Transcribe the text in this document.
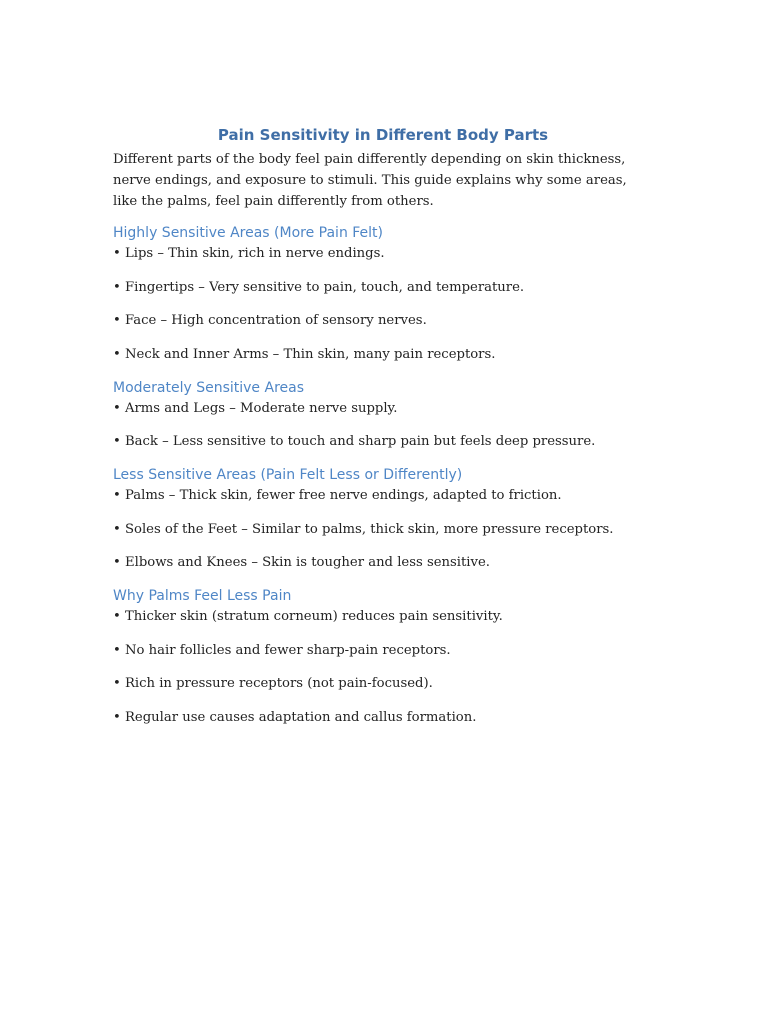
Pain Sensitivity in Different Body Parts

Different parts of the body feel pain differently depending on skin thickness, nerve endings, and exposure to stimuli. This guide explains why some areas, like the palms, feel pain differently from others.

Highly Sensitive Areas (More Pain Felt)
• Lips – Thin skin, rich in nerve endings.
• Fingertips – Very sensitive to pain, touch, and temperature.
• Face – High concentration of sensory nerves.
• Neck and Inner Arms – Thin skin, many pain receptors.
Moderately Sensitive Areas
• Arms and Legs – Moderate nerve supply.
• Back – Less sensitive to touch and sharp pain but feels deep pressure.
Less Sensitive Areas (Pain Felt Less or Differently)
• Palms – Thick skin, fewer free nerve endings, adapted to friction.
• Soles of the Feet – Similar to palms, thick skin, more pressure receptors.
• Elbows and Knees – Skin is tougher and less sensitive.
Why Palms Feel Less Pain
• Thicker skin (stratum corneum) reduces pain sensitivity.
• No hair follicles and fewer sharp-pain receptors.
• Rich in pressure receptors (not pain-focused).
• Regular use causes adaptation and callus formation.
